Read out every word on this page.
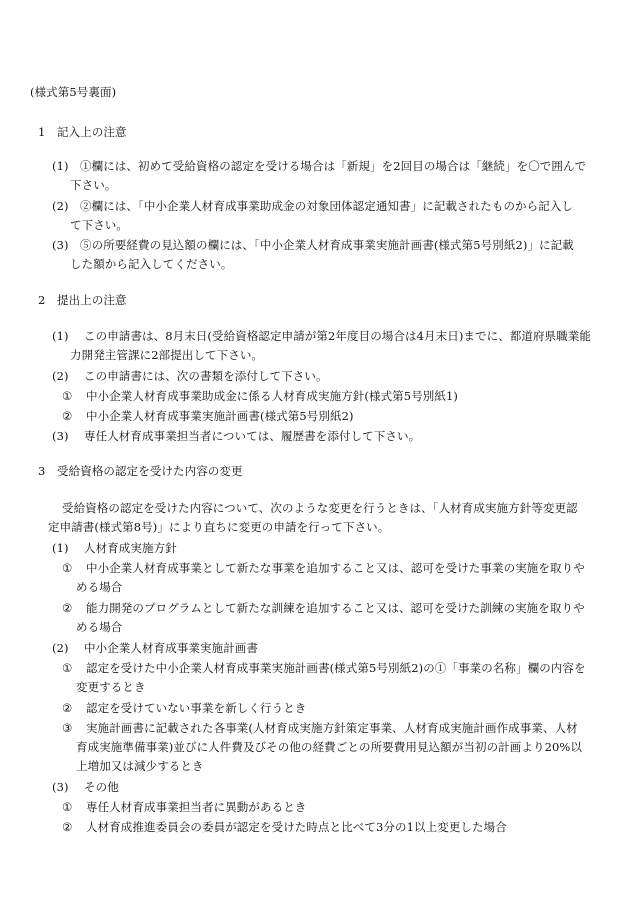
(様式第5号裏面)
1　記入上の注意
(1) ①欄には、初めて受給資格の認定を受ける場合は「新規」を2回目の場合は「継続」を〇で囲んで
下さい。
(2) ②欄には、「中小企業人材育成事業助成金の対象団体認定通知書」に記載されたものから記入し
て下さい。
(3) ⑤の所要経費の見込額の欄には、「中小企業人材育成事業実施計画書(様式第5号別紙2)」に記載
した額から記入してください。
2　提出上の注意
(1) この申請書は、8月末日(受給資格認定申請が第2年度目の場合は4月末日)までに、都道府県職業能
力開発主管課に2部提出して下さい。
(2) この申請書には、次の書類を添付して下さい。
① 中小企業人材育成事業助成金に係る人材育成実施方針(様式第5号別紙1)
② 中小企業人材育成事業実施計画書(様式第5号別紙2)
(3) 専任人材育成事業担当者については、履歴書を添付して下さい。
3　受給資格の認定を受けた内容の変更
受給資格の認定を受けた内容について、次のような変更を行うときは、「人材育成実施方針等変更認
定申請書(様式第8号)」により直ちに変更の申請を行って下さい。
(1) 人材育成実施方針
① 中小企業人材育成事業として新たな事業を追加すること又は、認可を受けた事業の実施を取りや
める場合
② 能力開発のプログラムとして新たな訓練を追加すること又は、認可を受けた訓練の実施を取りや
める場合
(2) 中小企業人材育成事業実施計画書
① 認定を受けた中小企業人材育成事業実施計画書(様式第5号別紙2)の①「事業の名称」欄の内容を
変更するとき
② 認定を受けていない事業を新しく行うとき
③ 実施計画書に記載された各事業(人材育成実施方針策定事業、人材育成実施計画作成事業、人材
育成実施準備事業)並びに人件費及びその他の経費ごとの所要費用見込額が当初の計画より20%以
上増加又は減少するとき
(3) その他
① 専任人材育成事業担当者に異動があるとき
② 人材育成推進委員会の委員が認定を受けた時点と比べて3分の1以上変更した場合
